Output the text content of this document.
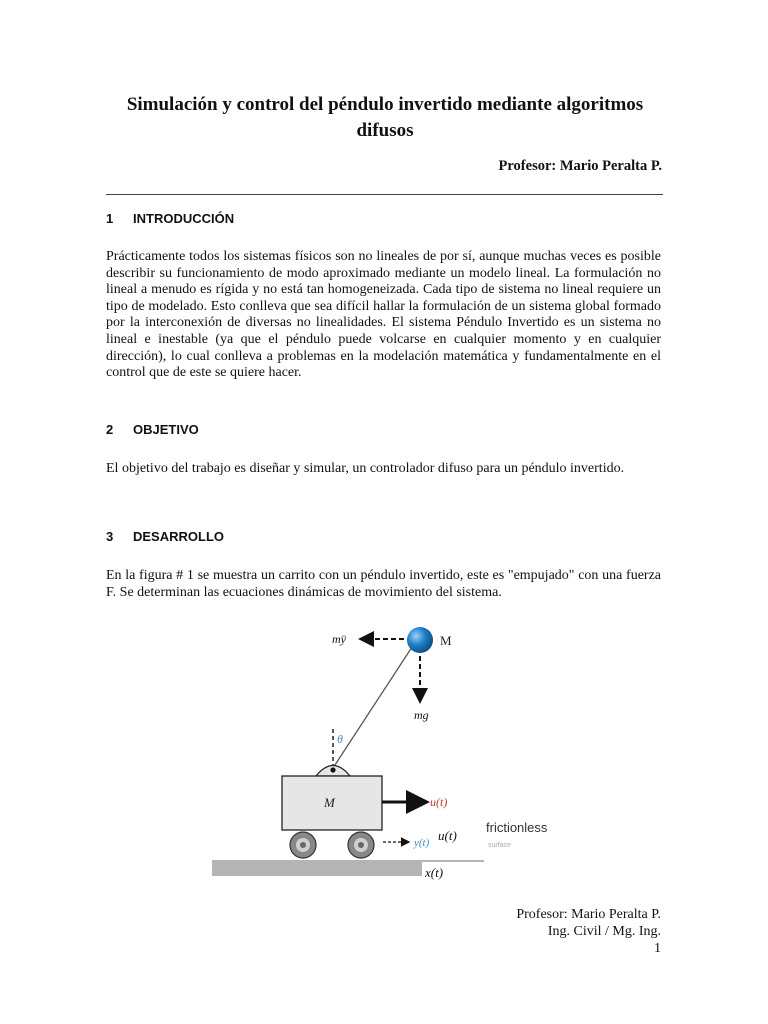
Simulación y control del péndulo invertido mediante algoritmos difusos
Profesor: Mario Peralta P.
1 INTRODUCCIÓN

Prácticamente todos los sistemas físicos son no lineales de por sí, aunque muchas veces es posible describir su funcionamiento de modo aproximado mediante un modelo lineal. La formulación no lineal a menudo es rígida y no está tan homogeneizada. Cada tipo de sistema no lineal requiere un tipo de modelado. Esto conlleva que sea difícil hallar la formulación de un sistema global formado por la interconexión de diversas no linealidades. El sistema Péndulo Invertido es un sistema no lineal e inestable (ya que el péndulo puede volcarse en cualquier momento y en cualquier dirección), lo cual conlleva a problemas en la modelación matemática y fundamentalmente en el control que de este se quiere hacer.

2 OBJETIVO

El objetivo del trabajo es diseñar y simular, un controlador difuso para un péndulo invertido.

3 DESARROLLO

En la figura # 1 se muestra un carrito con un péndulo invertido, este es "empujado" con una fuerza F. Se determinan las ecuaciones dinámicas de movimiento del sistema.

θ
M	u(t)
y(t) u(t)
frictionless
surface
x(t)
M
mÿ
mg
Profesor: Mario Peralta P.
Ing. Civil / Mg. Ing.
1
